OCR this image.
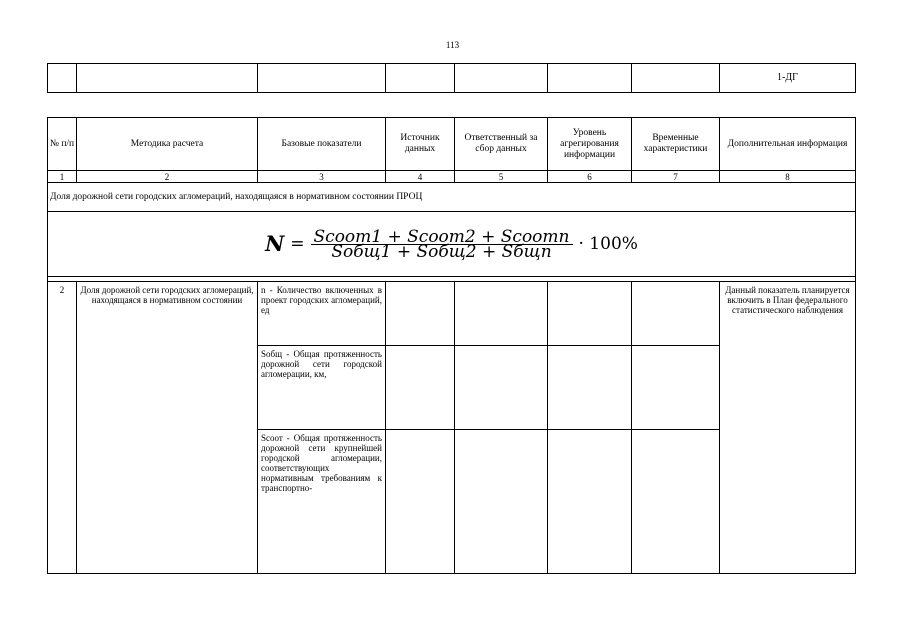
113
							1-ДГ
№ п/п	Методика расчета	Базовые показатели	Источник данных	Ответственный за сбор данных	Уровень агрегирования информации	Временные характеристики	Дополнительная информация
1	2	3	4	5	6	7	8
Доля дорожной сети городских агломераций, находящаяся в нормативном состоянии ПРОЦ							

$N = \frac{\text{Scoот1 + Scoот2 + Scoотn}}{\text{Sобщ1 + Sобщ2 + Sбщn}} \cdot 100\%$							

2	Доля дорожной сети городских агломераций, находящаяся в нормативном состоянии	n - Количество включенных в проект городских агломераций, ед					Данный показатель планируется включить в План федерального статистического наблюдения
		Sобщ - Общая протяженность дорожной сети городской агломерации, км,					
		Scoот - Общая протяженность дорожной сети крупнейшей городской агломерации, соответствующих нормативным требованиям к транспортно-					
